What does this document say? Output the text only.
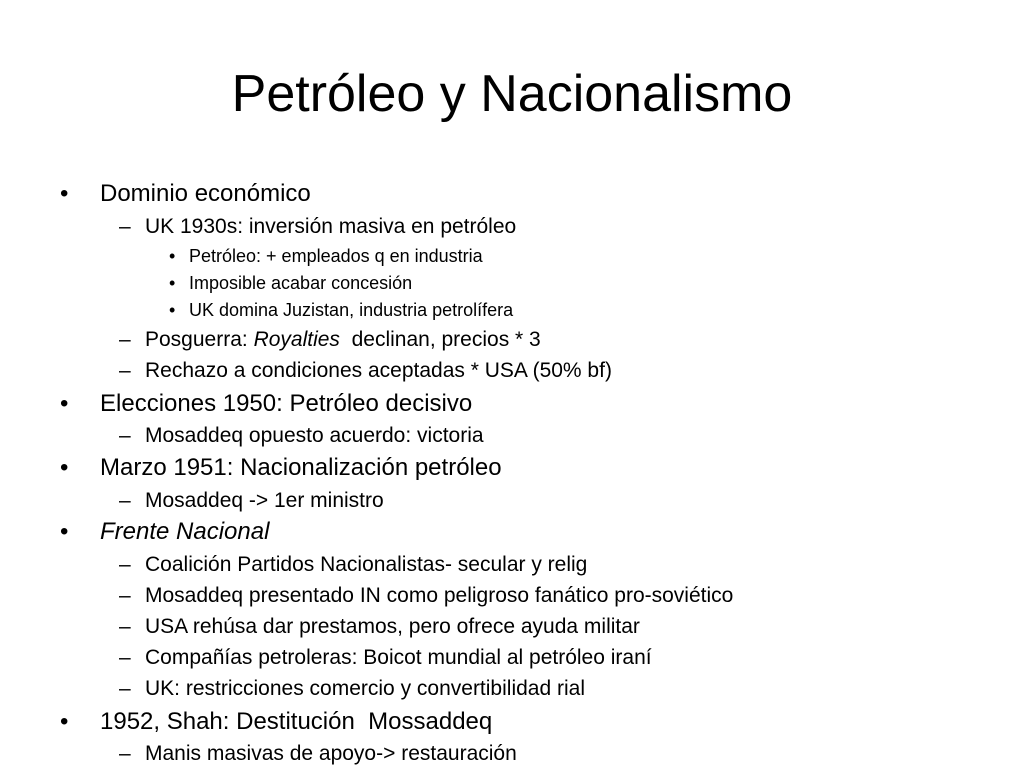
Petróleo y Nacionalismo
• Dominio económico
– UK 1930s: inversión masiva en petróleo
• Petróleo: + empleados q en industria
• Imposible acabar concesión
• UK domina Juzistan, industria petrolífera
– Posguerra: Royalties  declinan, precios * 3
– Rechazo a condiciones aceptadas * USA (50% bf)
• Elecciones 1950: Petróleo decisivo
– Mosaddeq opuesto acuerdo: victoria
• Marzo 1951: Nacionalización petróleo
– Mosaddeq -> 1er ministro
• Frente Nacional
– Coalición Partidos Nacionalistas- secular y relig
– Mosaddeq presentado IN como peligroso fanático pro-soviético
– USA rehúsa dar prestamos, pero ofrece ayuda militar
– Compañías petroleras: Boicot mundial al petróleo iraní
– UK: restricciones comercio y convertibilidad rial
• 1952, Shah: Destitución  Mossaddeq
– Manis masivas de apoyo-> restauración
